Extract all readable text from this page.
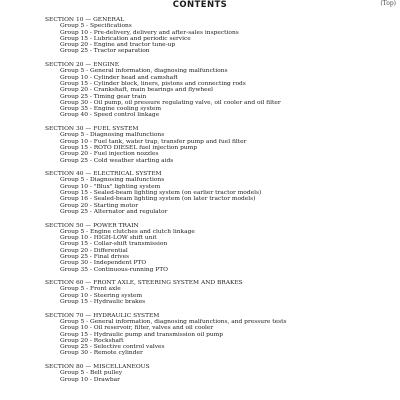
CONTENTS	(Top)
SECTION 10 — GENERAL
Group 5 - Specifications
Group 10 - Pre-delivery, delivery and after-sales inspections
Group 15 - Lubrication and periodic service
Group 20 - Engine and tractor tune-up
Group 25 - Tractor separation
SECTION 20 — ENGINE
Group 5 - General information, diagnosing malfunctions
Group 10 - Cylinder head and camshaft
Group 15 - Cylinder block, liners, pistons and connecting rods
Group 20 - Crankshaft, main bearings and flywheel
Group 25 - Timing gear train
Group 30 - Oil pump, oil pressure regulating valve, oil cooler and oil filter
Group 35 - Engine cooling system
Group 40 - Speed control linkage
SECTION 30 — FUEL SYSTEM
Group 5 - Diagnosing malfunctions
Group 10 - Fuel tank, water trap, transfer pump and fuel filter
Group 15 - ROTO DIESEL fuel injection pump
Group 20 - Fuel injection nozzles
Group 25 - Cold weather starting aids
SECTION 40 — ELECTRICAL SYSTEM
Group 5 - Diagnosing malfunctions
Group 10 - "Blux" lighting system
Group 15 - Sealed-beam lighting system (on earlier tractor models)
Group 16 - Sealed-beam lighting system (on later tractor models)
Group 20 - Starting motor
Group 25 - Alternator and regulator
SECTION 50 — POWER TRAIN
Group 5 - Engine clutches and clutch linkage
Group 10 - HIGH-LOW shift unit
Group 15 - Collar-shift transmission
Group 20 - Differential
Group 25 - Final drives
Group 30 - Independent PTO
Group 35 - Continuous-running PTO
SECTION 60 — FRONT AXLE, STEERING SYSTEM AND BRAKES
Group 5 - Front axle
Group 10 - Steering system
Group 15 - Hydraulic brakes
SECTION 70 — HYDRAULIC SYSTEM
Group 5 - General information, diagnosing malfunctions, and pressure tests
Group 10 - Oil reservoir, filter, valves and oil cooler
Group 15 - Hydraulic pump and transmission oil pump
Group 20 - Rockshaft
Group 25 - Selective control valves
Group 30 - Remote cylinder
SECTION 80 — MISCELLANEOUS
Group 5 - Belt pulley
Group 10 - Drawbar
